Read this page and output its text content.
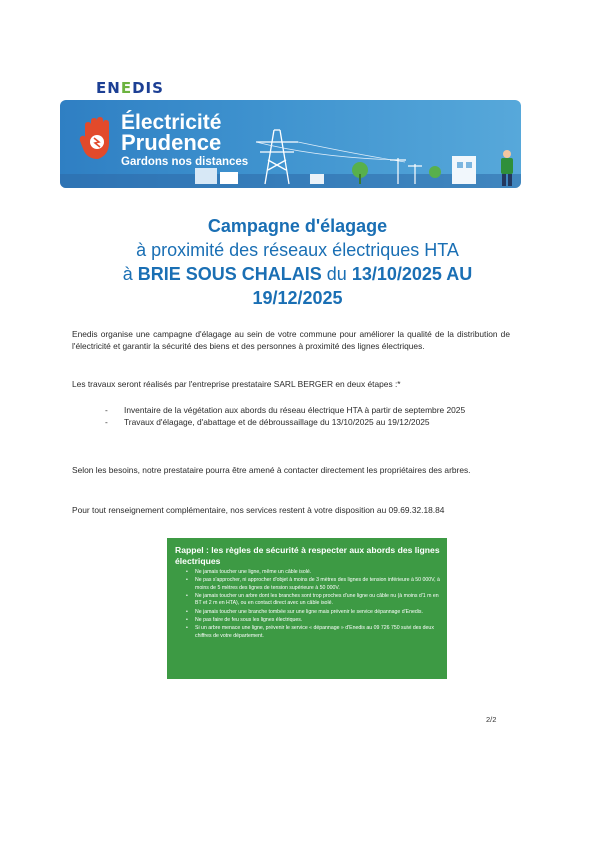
ENEDIS
Électricité
Prudence
Gardons nos distances
Campagne d'élagage
à proximité des réseaux électriques HTA
à BRIE SOUS CHALAIS du 13/10/2025 AU
19/12/2025

Enedis organise une campagne d'élagage au sein de votre commune pour améliorer la qualité de la distribution de l'électricité et garantir la sécurité des biens et des personnes à proximité des lignes électriques.

Les travaux seront réalisés par l'entreprise prestataire SARL BERGER en deux étapes :*

- Inventaire de la végétation aux abords du réseau électrique HTA à partir de septembre 2025
- Travaux d'élagage, d'abattage et de débroussaillage du 13/10/2025 au 19/12/2025

Selon les besoins, notre prestataire pourra être amené à contacter directement les propriétaires des arbres.

Pour tout renseignement complémentaire, nos services restent à votre disposition au 09.69.32.18.84

Rappel : les règles de sécurité à respecter aux abords des lignes électriques
• Ne jamais toucher une ligne, même un câble isolé.
• Ne pas s'approcher, ni approcher d'objet à moins de 3 mètres des lignes de tension inférieure à 50 000V, à moins de 5 mètres des lignes de tension supérieure à 50 000V.
• Ne jamais toucher un arbre dont les branches sont trop proches d'une ligne ou câble nu (à moins d'1 m en BT et 2 m en HTA), ou en contact direct avec un câble isolé.
• Ne jamais toucher une branche tombée sur une ligne mais prévenir le service dépannage d'Enedis.
• Ne pas faire de feu sous les lignes électriques.
• Si un arbre menace une ligne, prévenir le service « dépannage » d'Enedis au 09 726 750 suivi des deux chiffres de votre département.
2/2
